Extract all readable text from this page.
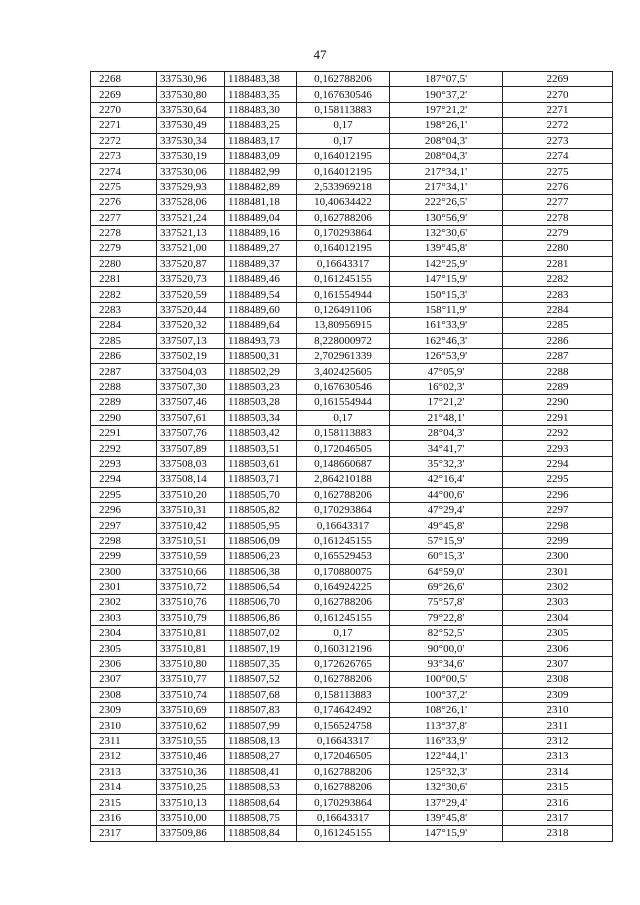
47
2268	337530,96	1188483,38	0,162788206	187°07,5'	2269
2269	337530,80	1188483,35	0,167630546	190°37,2'	2270
2270	337530,64	1188483,30	0,158113883	197°21,2'	2271
2271	337530,49	1188483,25	0,17	198°26,1'	2272
2272	337530,34	1188483,17	0,17	208°04,3'	2273
2273	337530,19	1188483,09	0,164012195	208°04,3'	2274
2274	337530,06	1188482,99	0,164012195	217°34,1'	2275
2275	337529,93	1188482,89	2,533969218	217°34,1'	2276
2276	337528,06	1188481,18	10,40634422	222°26,5'	2277
2277	337521,24	1188489,04	0,162788206	130°56,9'	2278
2278	337521,13	1188489,16	0,170293864	132°30,6'	2279
2279	337521,00	1188489,27	0,164012195	139°45,8'	2280
2280	337520,87	1188489,37	0,16643317	142°25,9'	2281
2281	337520,73	1188489,46	0,161245155	147°15,9'	2282
2282	337520,59	1188489,54	0,161554944	150°15,3'	2283
2283	337520,44	1188489,60	0,126491106	158°11,9'	2284
2284	337520,32	1188489,64	13,80956915	161°33,9'	2285
2285	337507,13	1188493,73	8,228000972	162°46,3'	2286
2286	337502,19	1188500,31	2,702961339	126°53,9'	2287
2287	337504,03	1188502,29	3,402425605	47°05,9'	2288
2288	337507,30	1188503,23	0,167630546	16°02,3'	2289
2289	337507,46	1188503,28	0,161554944	17°21,2'	2290
2290	337507,61	1188503,34	0,17	21°48,1'	2291
2291	337507,76	1188503,42	0,158113883	28°04,3'	2292
2292	337507,89	1188503,51	0,172046505	34°41,7'	2293
2293	337508,03	1188503,61	0,148660687	35°32,3'	2294
2294	337508,14	1188503,71	2,864210188	42°16,4'	2295
2295	337510,20	1188505,70	0,162788206	44°00,6'	2296
2296	337510,31	1188505,82	0,170293864	47°29,4'	2297
2297	337510,42	1188505,95	0,16643317	49°45,8'	2298
2298	337510,51	1188506,09	0,161245155	57°15,9'	2299
2299	337510,59	1188506,23	0,165529453	60°15,3'	2300
2300	337510,66	1188506,38	0,170880075	64°59,0'	2301
2301	337510,72	1188506,54	0,164924225	69°26,6'	2302
2302	337510,76	1188506,70	0,162788206	75°57,8'	2303
2303	337510,79	1188506,86	0,161245155	79°22,8'	2304
2304	337510,81	1188507,02	0,17	82°52,5'	2305
2305	337510,81	1188507,19	0,160312196	90°00,0'	2306
2306	337510,80	1188507,35	0,172626765	93°34,6'	2307
2307	337510,77	1188507,52	0,162788206	100°00,5'	2308
2308	337510,74	1188507,68	0,158113883	100°37,2'	2309
2309	337510,69	1188507,83	0,174642492	108°26,1'	2310
2310	337510,62	1188507,99	0,156524758	113°37,8'	2311
2311	337510,55	1188508,13	0,16643317	116°33,9'	2312
2312	337510,46	1188508,27	0,172046505	122°44,1'	2313
2313	337510,36	1188508,41	0,162788206	125°32,3'	2314
2314	337510,25	1188508,53	0,162788206	132°30,6'	2315
2315	337510,13	1188508,64	0,170293864	137°29,4'	2316
2316	337510,00	1188508,75	0,16643317	139°45,8'	2317
2317	337509,86	1188508,84	0,161245155	147°15,9'	2318
